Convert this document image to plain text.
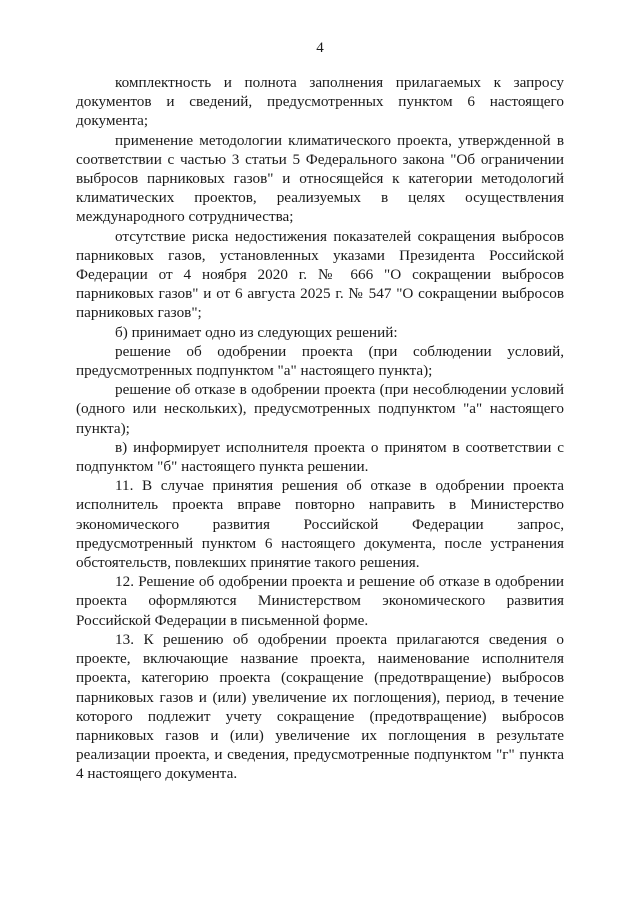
4

комплектность и полнота заполнения прилагаемых к запросу документов и сведений, предусмотренных пунктом 6 настоящего документа;

применение методологии климатического проекта, утвержденной в соответствии с частью 3 статьи 5 Федерального закона "Об ограничении выбросов парниковых газов" и относящейся к категории методологий климатических проектов, реализуемых в целях осуществления международного сотрудничества;

отсутствие риска недостижения показателей сокращения выбросов парниковых газов, установленных указами Президента Российской Федерации от 4 ноября 2020 г. № 666 "О сокращении выбросов парниковых газов" и от 6 августа 2025 г. № 547 "О сокращении выбросов парниковых газов";

б) принимает одно из следующих решений:

решение об одобрении проекта (при соблюдении условий, предусмотренных подпунктом "а" настоящего пункта);

решение об отказе в одобрении проекта (при несоблюдении условий (одного или нескольких), предусмотренных подпунктом "а" настоящего пункта);

в) информирует исполнителя проекта о принятом в соответствии с подпунктом "б" настоящего пункта решении.

11. В случае принятия решения об отказе в одобрении проекта исполнитель проекта вправе повторно направить в Министерство экономического развития Российской Федерации запрос, предусмотренный пунктом 6 настоящего документа, после устранения обстоятельств, повлекших принятие такого решения.

12. Решение об одобрении проекта и решение об отказе в одобрении проекта оформляются Министерством экономического развития Российской Федерации в письменной форме.

13. К решению об одобрении проекта прилагаются сведения о проекте, включающие название проекта, наименование исполнителя проекта, категорию проекта (сокращение (предотвращение) выбросов парниковых газов и (или) увеличение их поглощения), период, в течение которого подлежит учету сокращение (предотвращение) выбросов парниковых газов и (или) увеличение их поглощения в результате реализации проекта, и сведения, предусмотренные подпунктом "г" пункта 4 настоящего документа.
